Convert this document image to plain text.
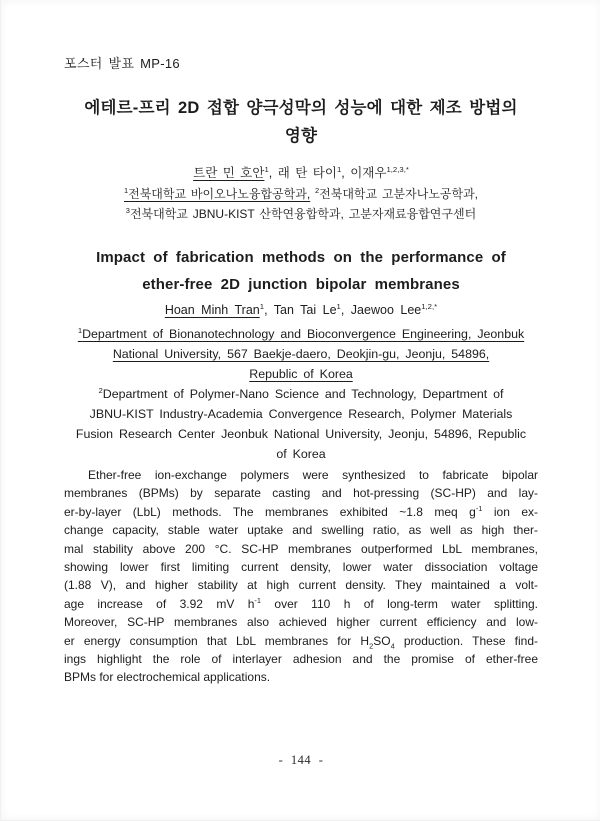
포스터 발표 MP-16
에테르-프리 2D 접합 양극성막의 성능에 대한 제조 방법의
영향
트란 민 호안$^1$, 래 탄 타이$^1$, 이재우$^{1,2,3,*}$
$^1$전북대학교 바이오나노융합공학과, $^2$전북대학교 고분자나노공학과,
$^3$전북대학교 JBNU-KIST 산학연융합학과, 고분자재료융합연구센터
Impact of fabrication methods on the performance of
ether-free 2D junction bipolar membranes
Hoan Minh Tran$^1$, Tan Tai Le$^1$, Jaewoo Lee$^{1,2,*}$
$^1$Department of Bionanotechnology and Bioconvergence Engineering, Jeonbuk
National University, 567 Baekje-daero, Deokjin-gu, Jeonju, 54896,
Republic of Korea
$^2$Department of Polymer-Nano Science and Technology, Department of
JBNU-KIST Industry-Academia Convergence Research, Polymer Materials
Fusion Research Center Jeonbuk National University, Jeonju, 54896, Republic
of Korea
Ether-free ion-exchange polymers were synthesized to fabricate bipolar
membranes (BPMs) by separate casting and hot-pressing (SC-HP) and lay-
er-by-layer (LbL) methods. The membranes exhibited ~1.8 meq $g^{-1}$ ion ex-
change capacity, stable water uptake and swelling ratio, as well as high ther-
mal stability above 200 °C. SC-HP membranes outperformed LbL membranes,
showing lower first limiting current density, lower water dissociation voltage
(1.88 V), and higher stability at high current density. They maintained a volt-
age increase of 3.92 mV $h^{-1}$ over 110 h of long-term water splitting.
Moreover, SC-HP membranes also achieved higher current efficiency and low-
er energy consumption that LbL membranes for $H_2SO_4$ production. These find-
ings highlight the role of interlayer adhesion and the promise of ether-free
BPMs for electrochemical applications.
- 144 -
